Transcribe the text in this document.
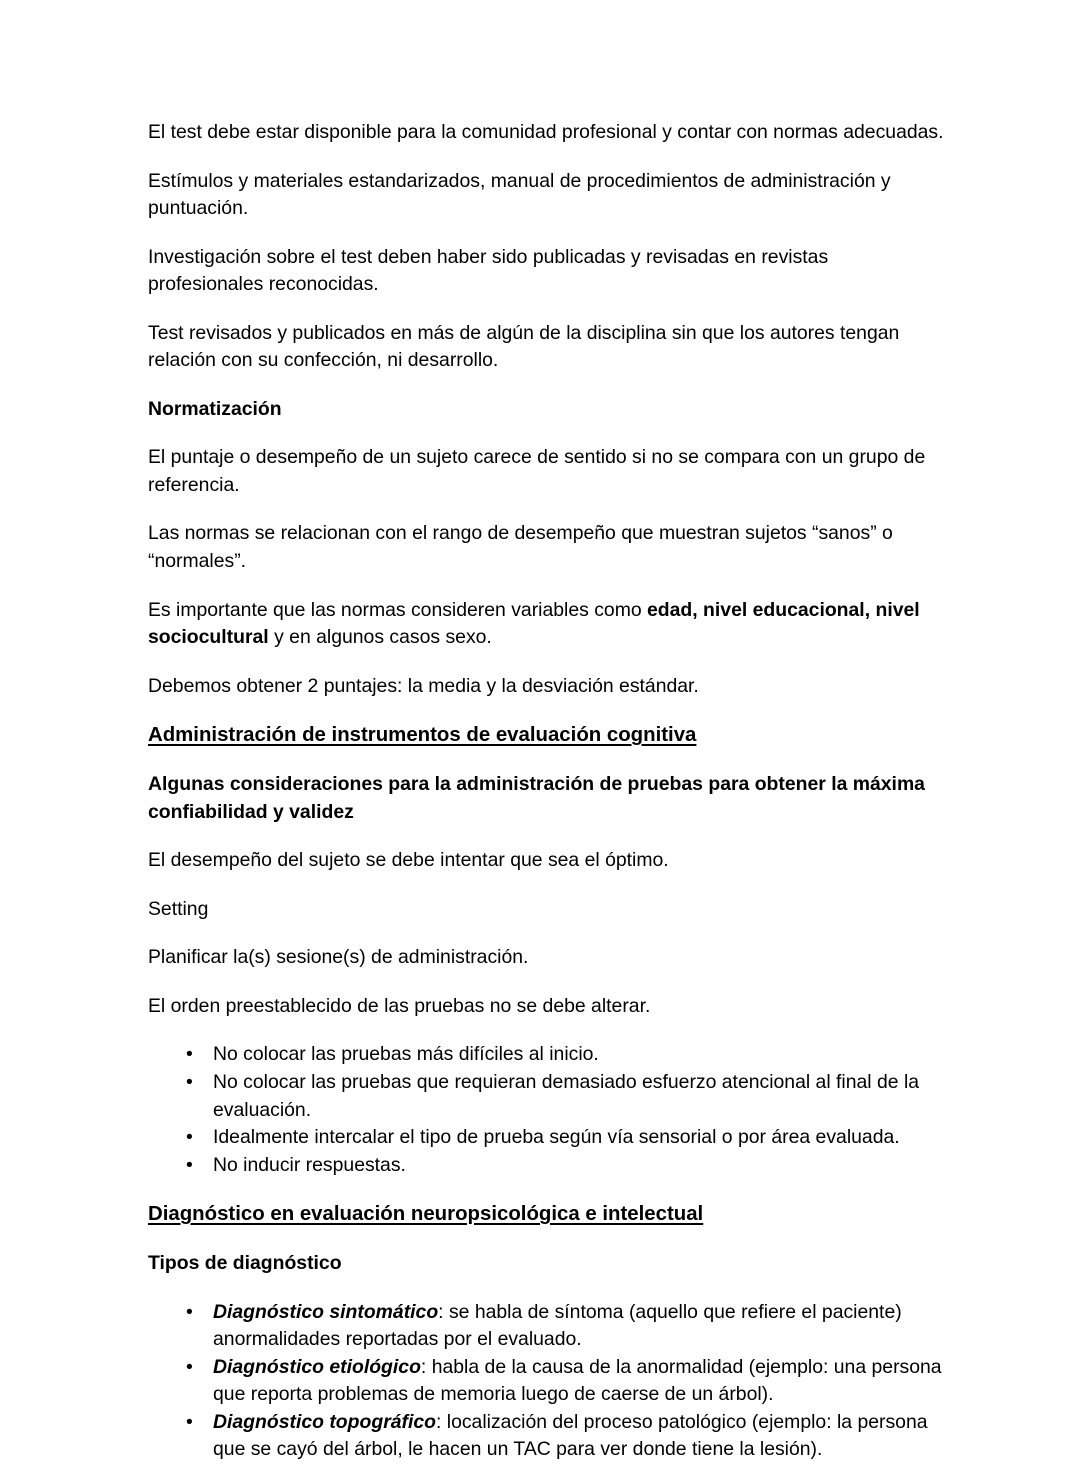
El test debe estar disponible para la comunidad profesional y contar con normas adecuadas.

Estímulos y materiales estandarizados, manual de procedimientos de administración y puntuación.

Investigación sobre el test deben haber sido publicadas y revisadas en revistas profesionales reconocidas.

Test revisados y publicados en más de algún de la disciplina sin que los autores tengan relación con su confección, ni desarrollo.

Normatización

El puntaje o desempeño de un sujeto carece de sentido si no se compara con un grupo de referencia.

Las normas se relacionan con el rango de desempeño que muestran sujetos “sanos” o “normales”.

Es importante que las normas consideren variables como edad, nivel educacional, nivel sociocultural y en algunos casos sexo.

Debemos obtener 2 puntajes: la media y la desviación estándar.

Administración de instrumentos de evaluación cognitiva

Algunas consideraciones para la administración de pruebas para obtener la máxima confiabilidad y validez

El desempeño del sujeto se debe intentar que sea el óptimo.

Setting

Planificar la(s) sesione(s) de administración.

El orden preestablecido de las pruebas no se debe alterar.

• No colocar las pruebas más difíciles al inicio.
• No colocar las pruebas que requieran demasiado esfuerzo atencional al final de la evaluación.
• Idealmente intercalar el tipo de prueba según vía sensorial o por área evaluada.
• No inducir respuestas.

Diagnóstico en evaluación neuropsicológica e intelectual

Tipos de diagnóstico

• Diagnóstico sintomático: se habla de síntoma (aquello que refiere el paciente) anormalidades reportadas por el evaluado.
• Diagnóstico etiológico: habla de la causa de la anormalidad (ejemplo: una persona que reporta problemas de memoria luego de caerse de un árbol).
• Diagnóstico topográfico: localización del proceso patológico (ejemplo: la persona que se cayó del árbol, le hacen un TAC para ver donde tiene la lesión).
